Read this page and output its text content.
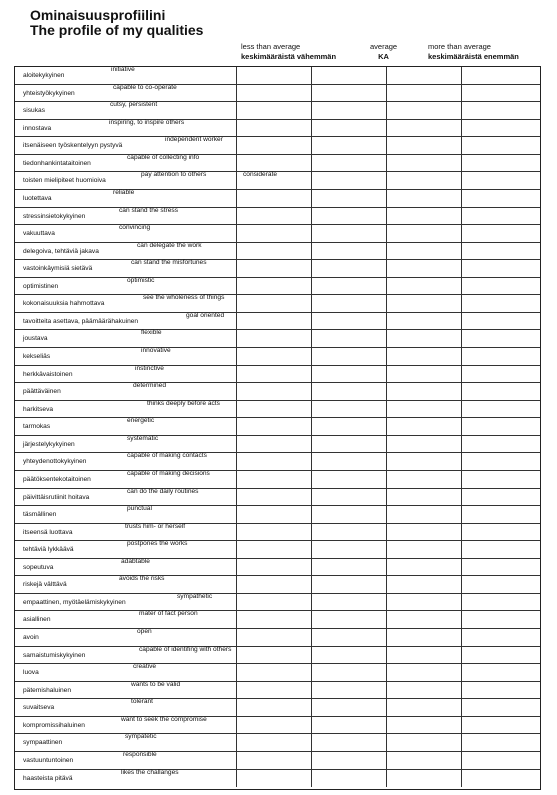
Ominaisuusprofiilini
The profile of my qualities
less than average
keskimääräistä vähemmän
average
KA
more than average
keskimääräistä enemmän
aloitekykyinen
initiative
yhteistyökykyinen
capable to co-operate
sisukas
cutsy, persistent
innostava
inspiring, to inspire others
itsenäiseen työskentelyyn pystyvä
independent worker
tiedonhankintataitoinen
capable of collecting info
toisten mielipiteet huomioiva
pay attention to others	considerate
luotettava
reliable
stressinsietokykyinen
can stand the stress
vakuuttava
convincing
delegoiva, tehtäviä jakava
can delegate the work
vastoinkäymisiä sietävä
can stand the misfortunes
optimistinen
optimistic
kokonaisuuksia hahmottava
see the wholeness of things
tavoitteita asettava, päämäärähakuinen
goal oriented
joustava
flexible
kekseliäs
innovative
herkkävaistoinen
instinctive
päättäväinen
determined
harkitseva
thinks deeply before acts
tarmokas
energetic
järjestelykykyinen
systematic
yhteydenottokykyinen
capable of making contacts
päätöksentekotaitoinen
capable of making decisions
päivittäisrutiinit hoitava
can do the daily routines
täsmällinen
punctual
itseensä luottava
trusts him- or herself
tehtäviä lykkäävä
postpones the works
sopeutuva
adabtable
riskejä välttävä
avoids the risks
empaattinen, myötäelämiskykyinen
sympathetic
asiallinen
mater of fact person
avoin
open
samaistumiskykyinen
capable of identifing with others
luova
creative
pätemishaluinen
wants to be valid
suvaitseva
tolerant
kompromissihaluinen
want to seek the compromise
sympaattinen
sympatetic
vastuuntuntoinen
responsible
haasteista pitävä
likes the challanges
